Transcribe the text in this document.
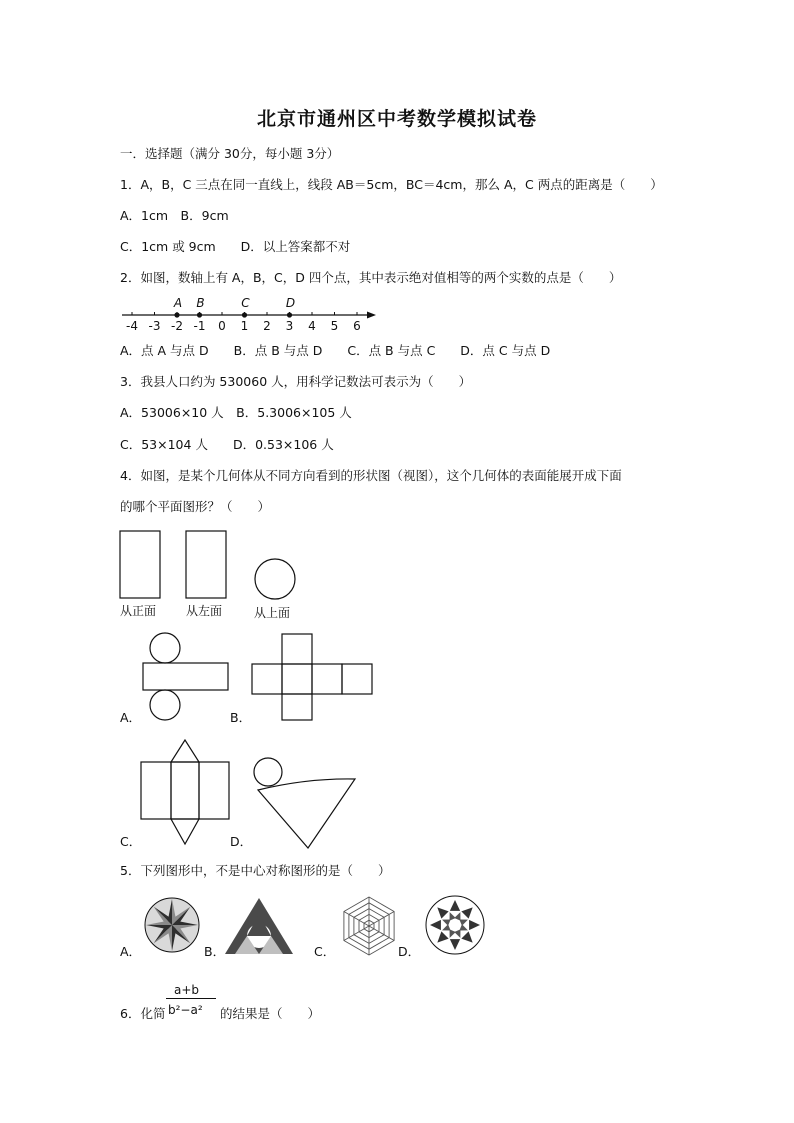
北京市通州区中考数学模拟试卷
一．选择题（满分 30分，每小题 3分）
1．A，B，C 三点在同一直线上，线段 AB＝5cm，BC＝4cm，那么 A，C 两点的距离是（　　）
A．1cm　B．9cm
C．1cm 或 9cm　　D．以上答案都不对
2．如图，数轴上有 A，B，C，D 四个点，其中表示绝对值相等的两个实数的点是（　　）
-4 -3 -2 -1 0 1 2 3 4 5 6
A B	C	D
A．点 A 与点 D　　B．点 B 与点 D　　C．点 B 与点 C　　D．点 C 与点 D
3．我县人口约为 530060 人，用科学记数法可表示为（　　）
A．53006×10 人　B．5.3006×105 人
C．53×104 人　　D．0.53×106 人
4．如图，是某个几何体从不同方向看到的形状图（视图），这个几何体的表面能展开成下面
的哪个平面图形？（　　）
从正面 从左面	从上面
A．	B．
C．	D．
5．下列图形中，不是中心对称图形的是（　　）
A．	B．	C．	D．
6．化简
a+b
b²−a² 的结果是（　　）
